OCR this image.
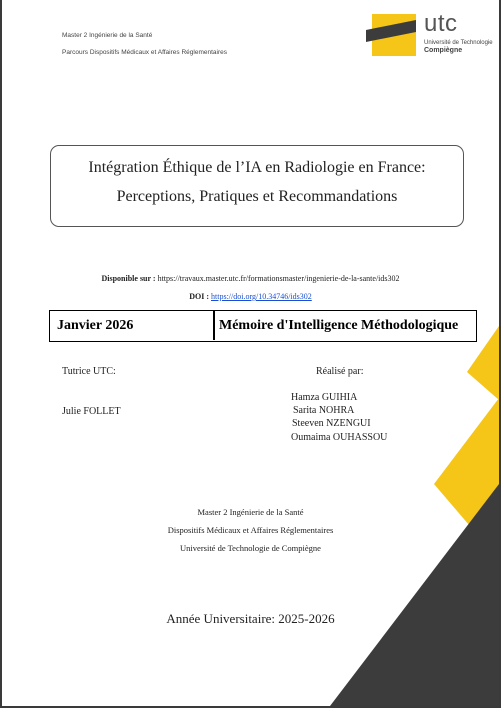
Master 2 Ingénierie de la Santé
Parcours Dispositifs Médicaux et Affaires Réglementaires
utc
Université de Technologie
Compiègne
Intégration Éthique de l’IA en Radiologie en France:
Perceptions, Pratiques et Recommandations
Disponible sur : https://travaux.master.utc.fr/formationsmaster/ingenierie-de-la-sante/ids302
DOI : https://doi.org/10.34746/ids302
Janvier 2026	Mémoire d'Intelligence Méthodologique
Tutrice UTC:
Julie FOLLET
Réalisé par:
Hamza GUIHIA
Sarita NOHRA
Steeven NZENGUI
Oumaima OUHASSOU
Master 2 Ingénierie de la Santé
Dispositifs Médicaux et Affaires Réglementaires
Université de Technologie de Compiègne
Année Universitaire: 2025-2026
